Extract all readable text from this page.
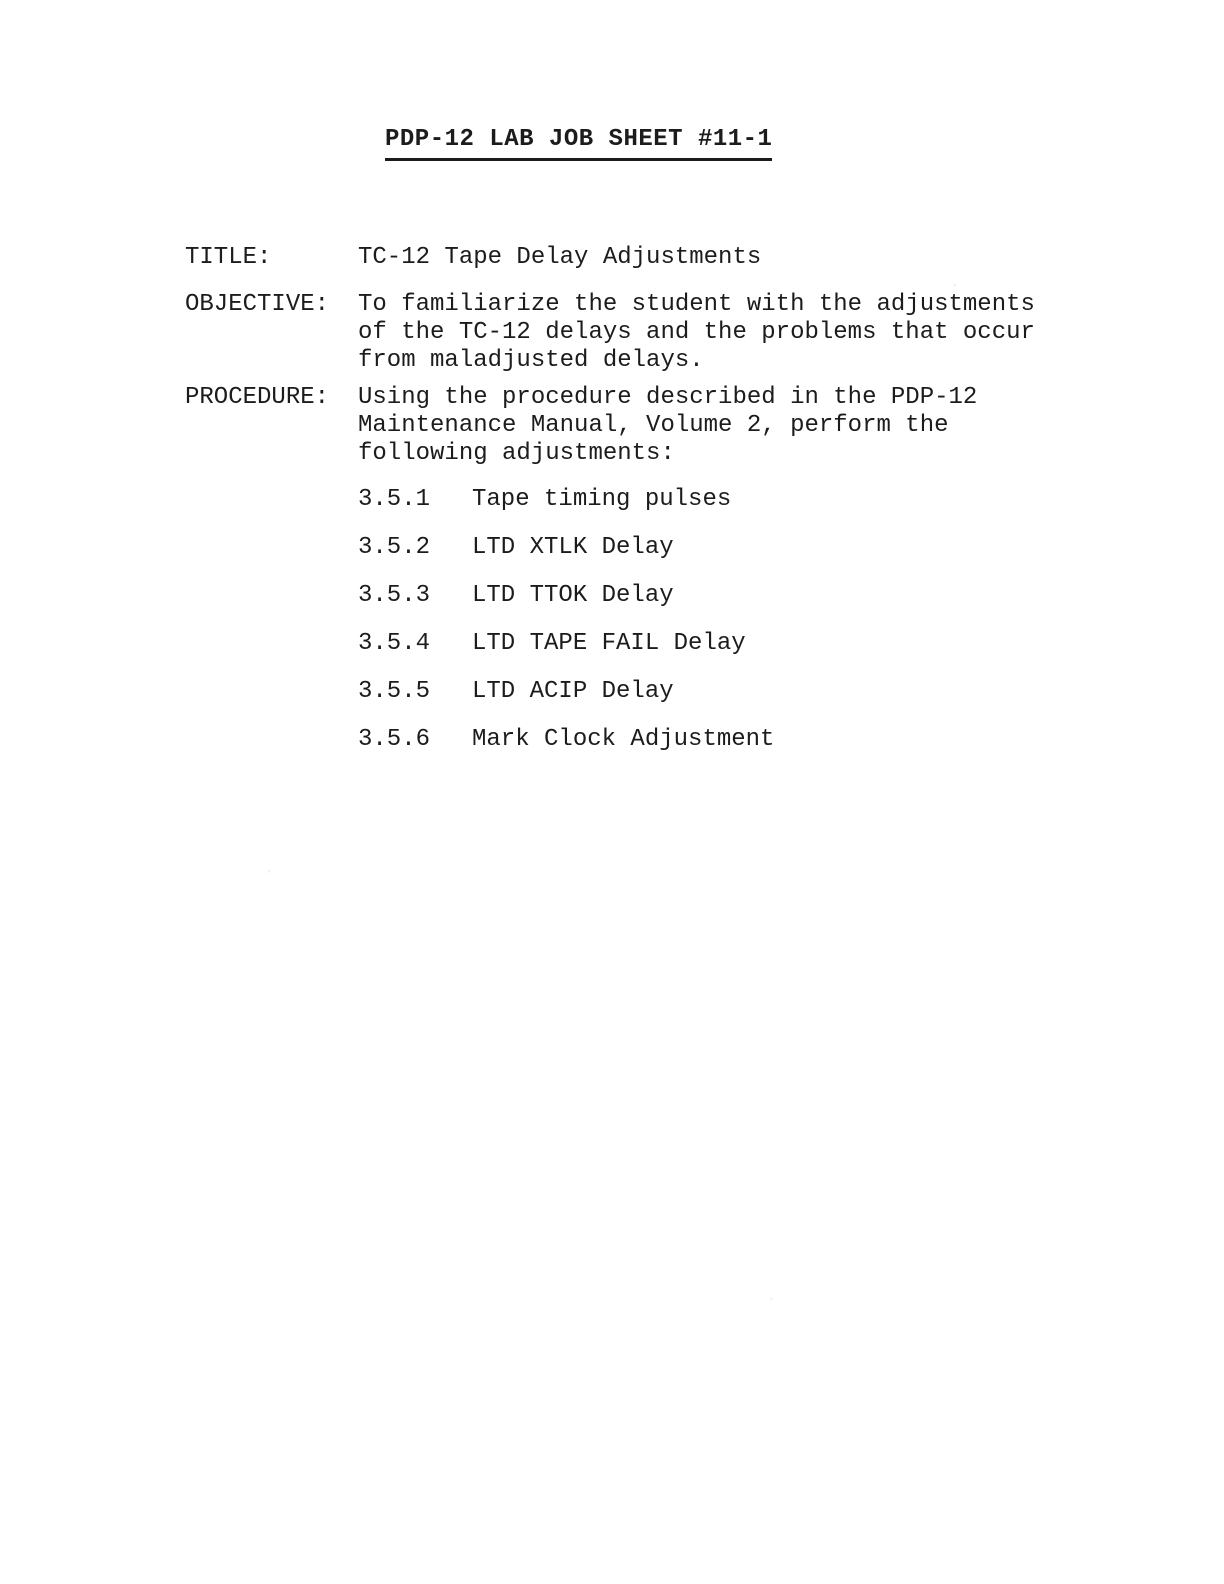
PDP-12 LAB JOB SHEET #11-1
TITLE:	TC-12 Tape Delay Adjustments
OBJECTIVE:	To familiarize the student with the adjustments
of the TC-12 delays and the problems that occur
from maladjusted delays.
PROCEDURE:	Using the procedure described in the PDP-12
Maintenance Manual, Volume 2, perform the
following adjustments:
3.5.1	Tape timing pulses
3.5.2	LTD XTLK Delay
3.5.3	LTD TTOK Delay
3.5.4	LTD TAPE FAIL Delay
3.5.5	LTD ACIP Delay
3.5.6	Mark Clock Adjustment
